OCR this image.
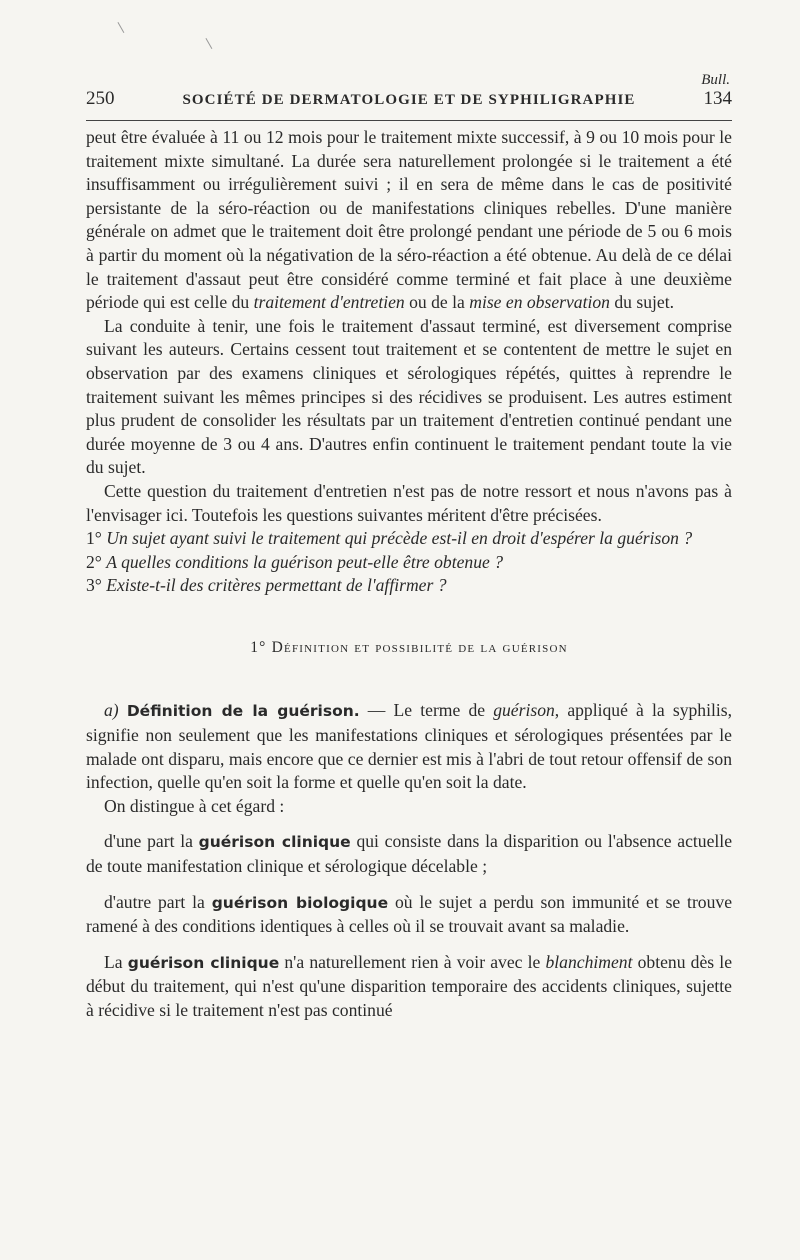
Bull.
250	SOCIÉTÉ DE DERMATOLOGIE ET DE SYPHILIGRAPHIE	134

peut être évaluée à 11 ou 12 mois pour le traitement mixte successif, à 9 ou 10 mois pour le traitement mixte simultané. La durée sera naturellement prolongée si le traitement a été insuffisamment ou irrégulièrement suivi ; il en sera de même dans le cas de positivité persistante de la séro-réaction ou de manifestations cliniques rebelles. D'une manière générale on admet que le traitement doit être prolongé pendant une période de 5 ou 6 mois à partir du moment où la négativation de la séro-réaction a été obtenue. Au delà de ce délai le traitement d'assaut peut être considéré comme terminé et fait place à une deuxième période qui est celle du traitement d'entretien ou de la mise en observation du sujet.

La conduite à tenir, une fois le traitement d'assaut terminé, est diversement comprise suivant les auteurs. Certains cessent tout traitement et se contentent de mettre le sujet en observation par des examens cliniques et sérologiques répétés, quittes à reprendre le traitement suivant les mêmes principes si des récidives se produisent. Les autres estiment plus prudent de consolider les résultats par un traitement d'entretien continué pendant une durée moyenne de 3 ou 4 ans. D'autres enfin continuent le traitement pendant toute la vie du sujet.

Cette question du traitement d'entretien n'est pas de notre ressort et nous n'avons pas à l'envisager ici. Toutefois les questions suivantes méritent d'être précisées.

1° Un sujet ayant suivi le traitement qui précède est-il en droit d'espérer la guérison ?

2° A quelles conditions la guérison peut-elle être obtenue ?

3° Existe-t-il des critères permettant de l'affirmer ?

1° Définition et possibilité de la guérison

a) Définition de la guérison. — Le terme de guérison, appliqué à la syphilis, signifie non seulement que les manifestations cliniques et sérologiques présentées par le malade ont disparu, mais encore que ce dernier est mis à l'abri de tout retour offensif de son infection, quelle qu'en soit la forme et quelle qu'en soit la date.

On distingue à cet égard :

d'une part la guérison clinique qui consiste dans la disparition ou l'absence actuelle de toute manifestation clinique et sérologique décelable ;

d'autre part la guérison biologique où le sujet a perdu son immunité et se trouve ramené à des conditions identiques à celles où il se trouvait avant sa maladie.

La guérison clinique n'a naturellement rien à voir avec le blanchiment obtenu dès le début du traitement, qui n'est qu'une disparition temporaire des accidents cliniques, sujette à récidive si le traitement n'est pas continué
